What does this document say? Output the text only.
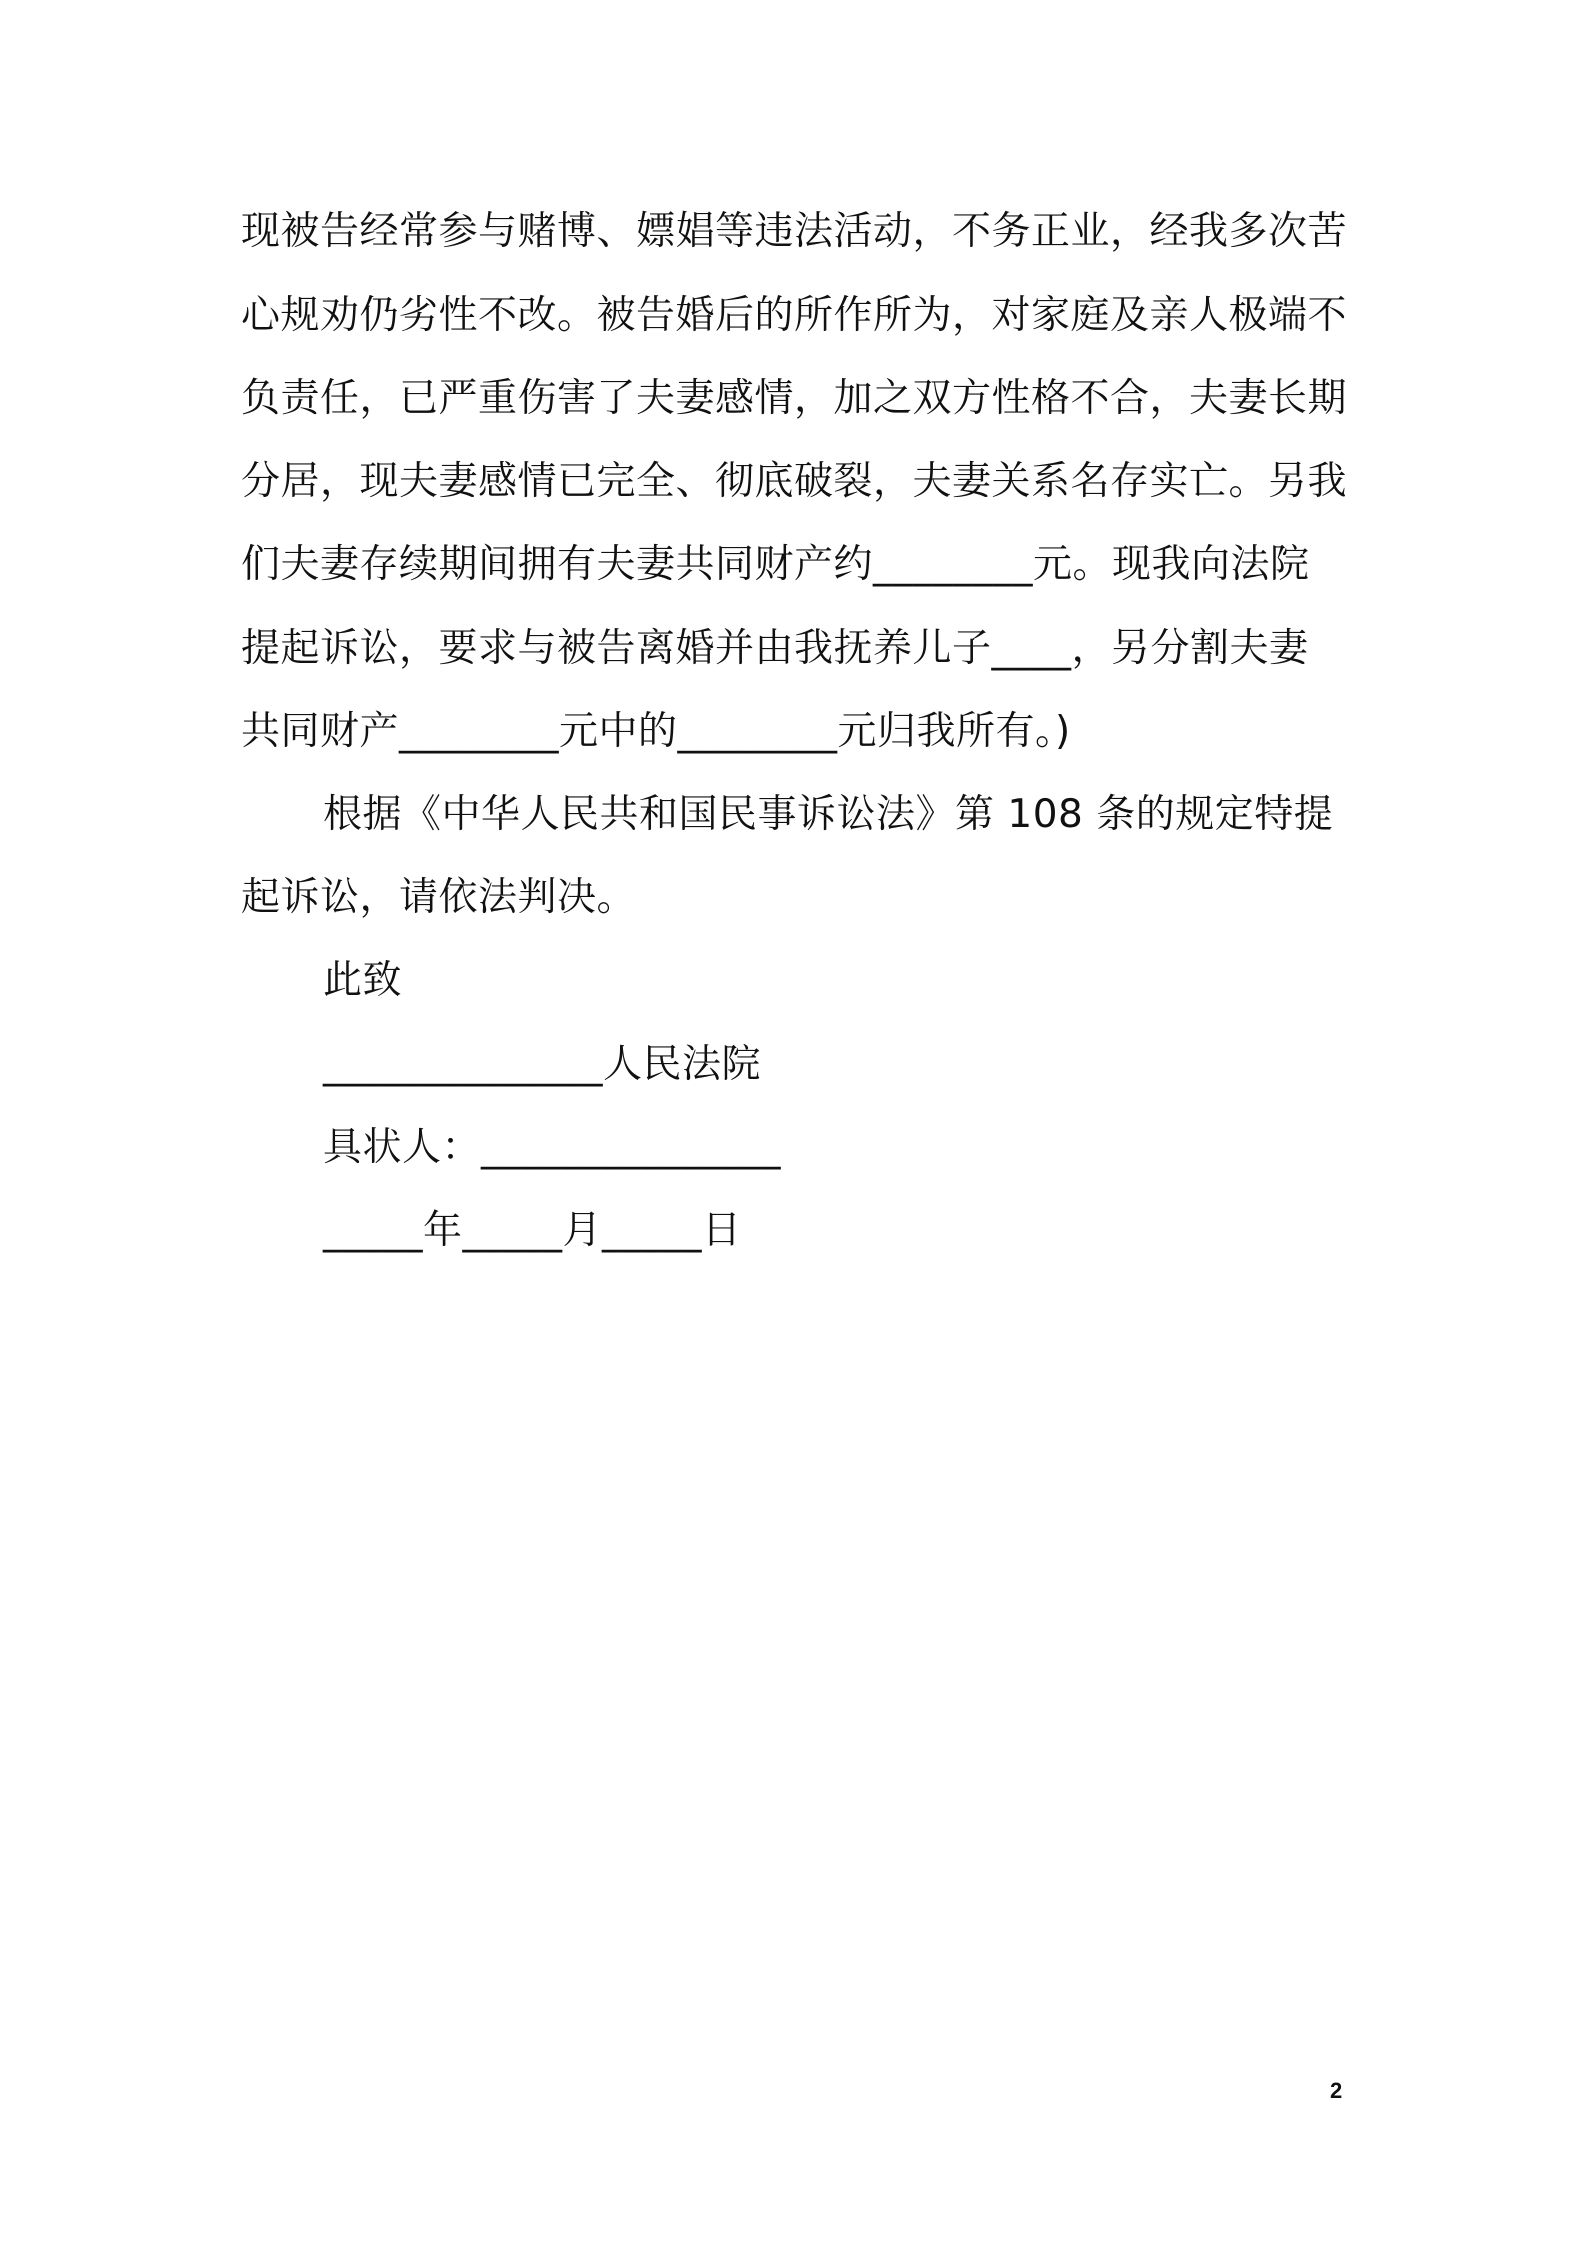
现被告经常参与赌博、嫖娼等违法活动，不务正业，经我多次苦
心规劝仍劣性不改。被告婚后的所作所为，对家庭及亲人极端不
负责任，已严重伤害了夫妻感情，加之双方性格不合，夫妻长期
分居，现夫妻感情已完全、彻底破裂，夫妻关系名存实亡。另我
们夫妻存续期间拥有夫妻共同财产约________元。现我向法院
提起诉讼，要求与被告离婚并由我抚养儿子____，另分割夫妻
共同财产________元中的________元归我所有。)
根据《中华人民共和国民事诉讼法》第 108 条的规定特提
起诉讼，请依法判决。
此致
______________人民法院
具状人：_______________
_____年_____月_____日
2
